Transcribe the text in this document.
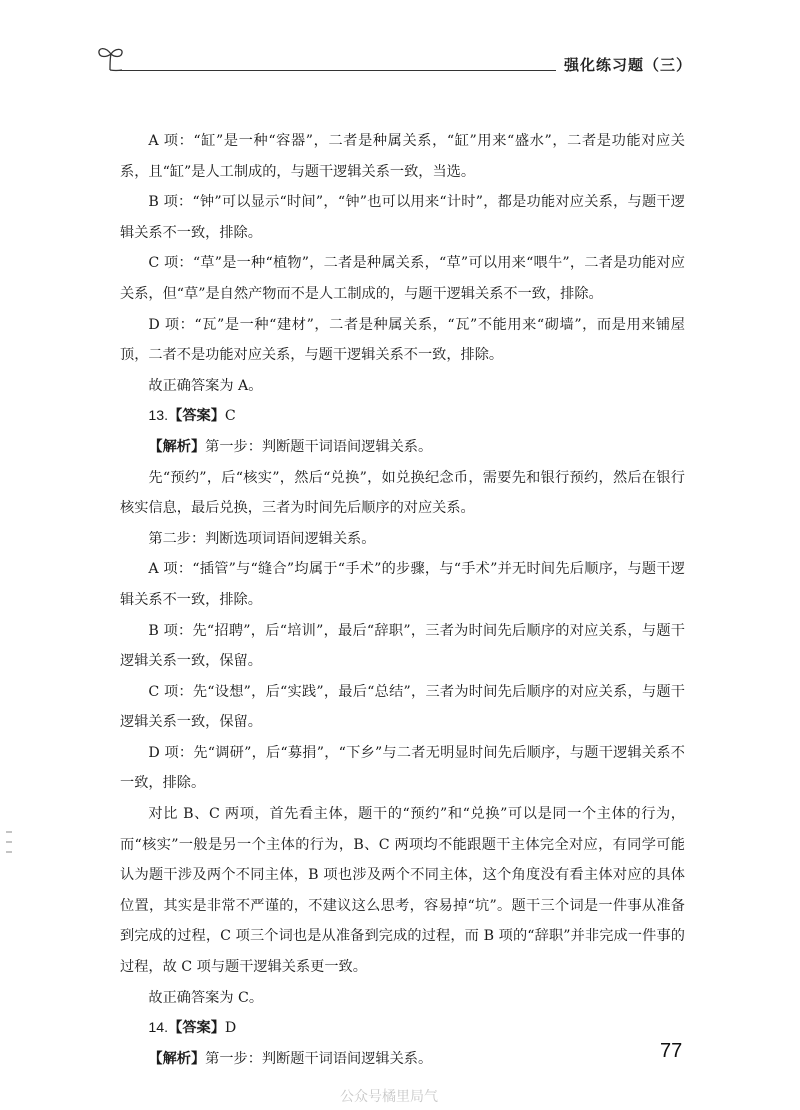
强化练习题（三）

A 项：“缸”是一种“容器”，二者是种属关系，“缸”用来“盛水”，二者是功能对应关系，且“缸”是人工制成的，与题干逻辑关系一致，当选。

B 项：“钟”可以显示“时间”，“钟”也可以用来“计时”，都是功能对应关系，与题干逻辑关系不一致，排除。

C 项：“草”是一种“植物”，二者是种属关系，“草”可以用来“喂牛”，二者是功能对应关系，但“草”是自然产物而不是人工制成的，与题干逻辑关系不一致，排除。

D 项：“瓦”是一种“建材”，二者是种属关系，“瓦”不能用来“砌墙”，而是用来铺屋顶，二者不是功能对应关系，与题干逻辑关系不一致，排除。

故正确答案为 A。

13.【答案】C

【解析】第一步：判断题干词语间逻辑关系。

先“预约”，后“核实”，然后“兑换”，如兑换纪念币，需要先和银行预约，然后在银行核实信息，最后兑换，三者为时间先后顺序的对应关系。

第二步：判断选项词语间逻辑关系。

A 项：“插管”与“缝合”均属于“手术”的步骤，与“手术”并无时间先后顺序，与题干逻辑关系不一致，排除。

B 项：先“招聘”，后“培训”，最后“辞职”，三者为时间先后顺序的对应关系，与题干逻辑关系一致，保留。

C 项：先“设想”，后“实践”，最后“总结”，三者为时间先后顺序的对应关系，与题干逻辑关系一致，保留。

D 项：先“调研”，后“募捐”，“下乡”与二者无明显时间先后顺序，与题干逻辑关系不一致，排除。

对比 B、C 两项，首先看主体，题干的“预约”和“兑换”可以是同一个主体的行为，而“核实”一般是另一个主体的行为，B、C 两项均不能跟题干主体完全对应，有同学可能认为题干涉及两个不同主体，B 项也涉及两个不同主体，这个角度没有看主体对应的具体位置，其实是非常不严谨的，不建议这么思考，容易掉“坑”。题干三个词是一件事从准备到完成的过程，C 项三个词也是从准备到完成的过程，而 B 项的“辞职”并非完成一件事的过程，故 C 项与题干逻辑关系更一致。

故正确答案为 C。

14.【答案】D

【解析】第一步：判断题干词语间逻辑关系。	77
公众号橘里局气
